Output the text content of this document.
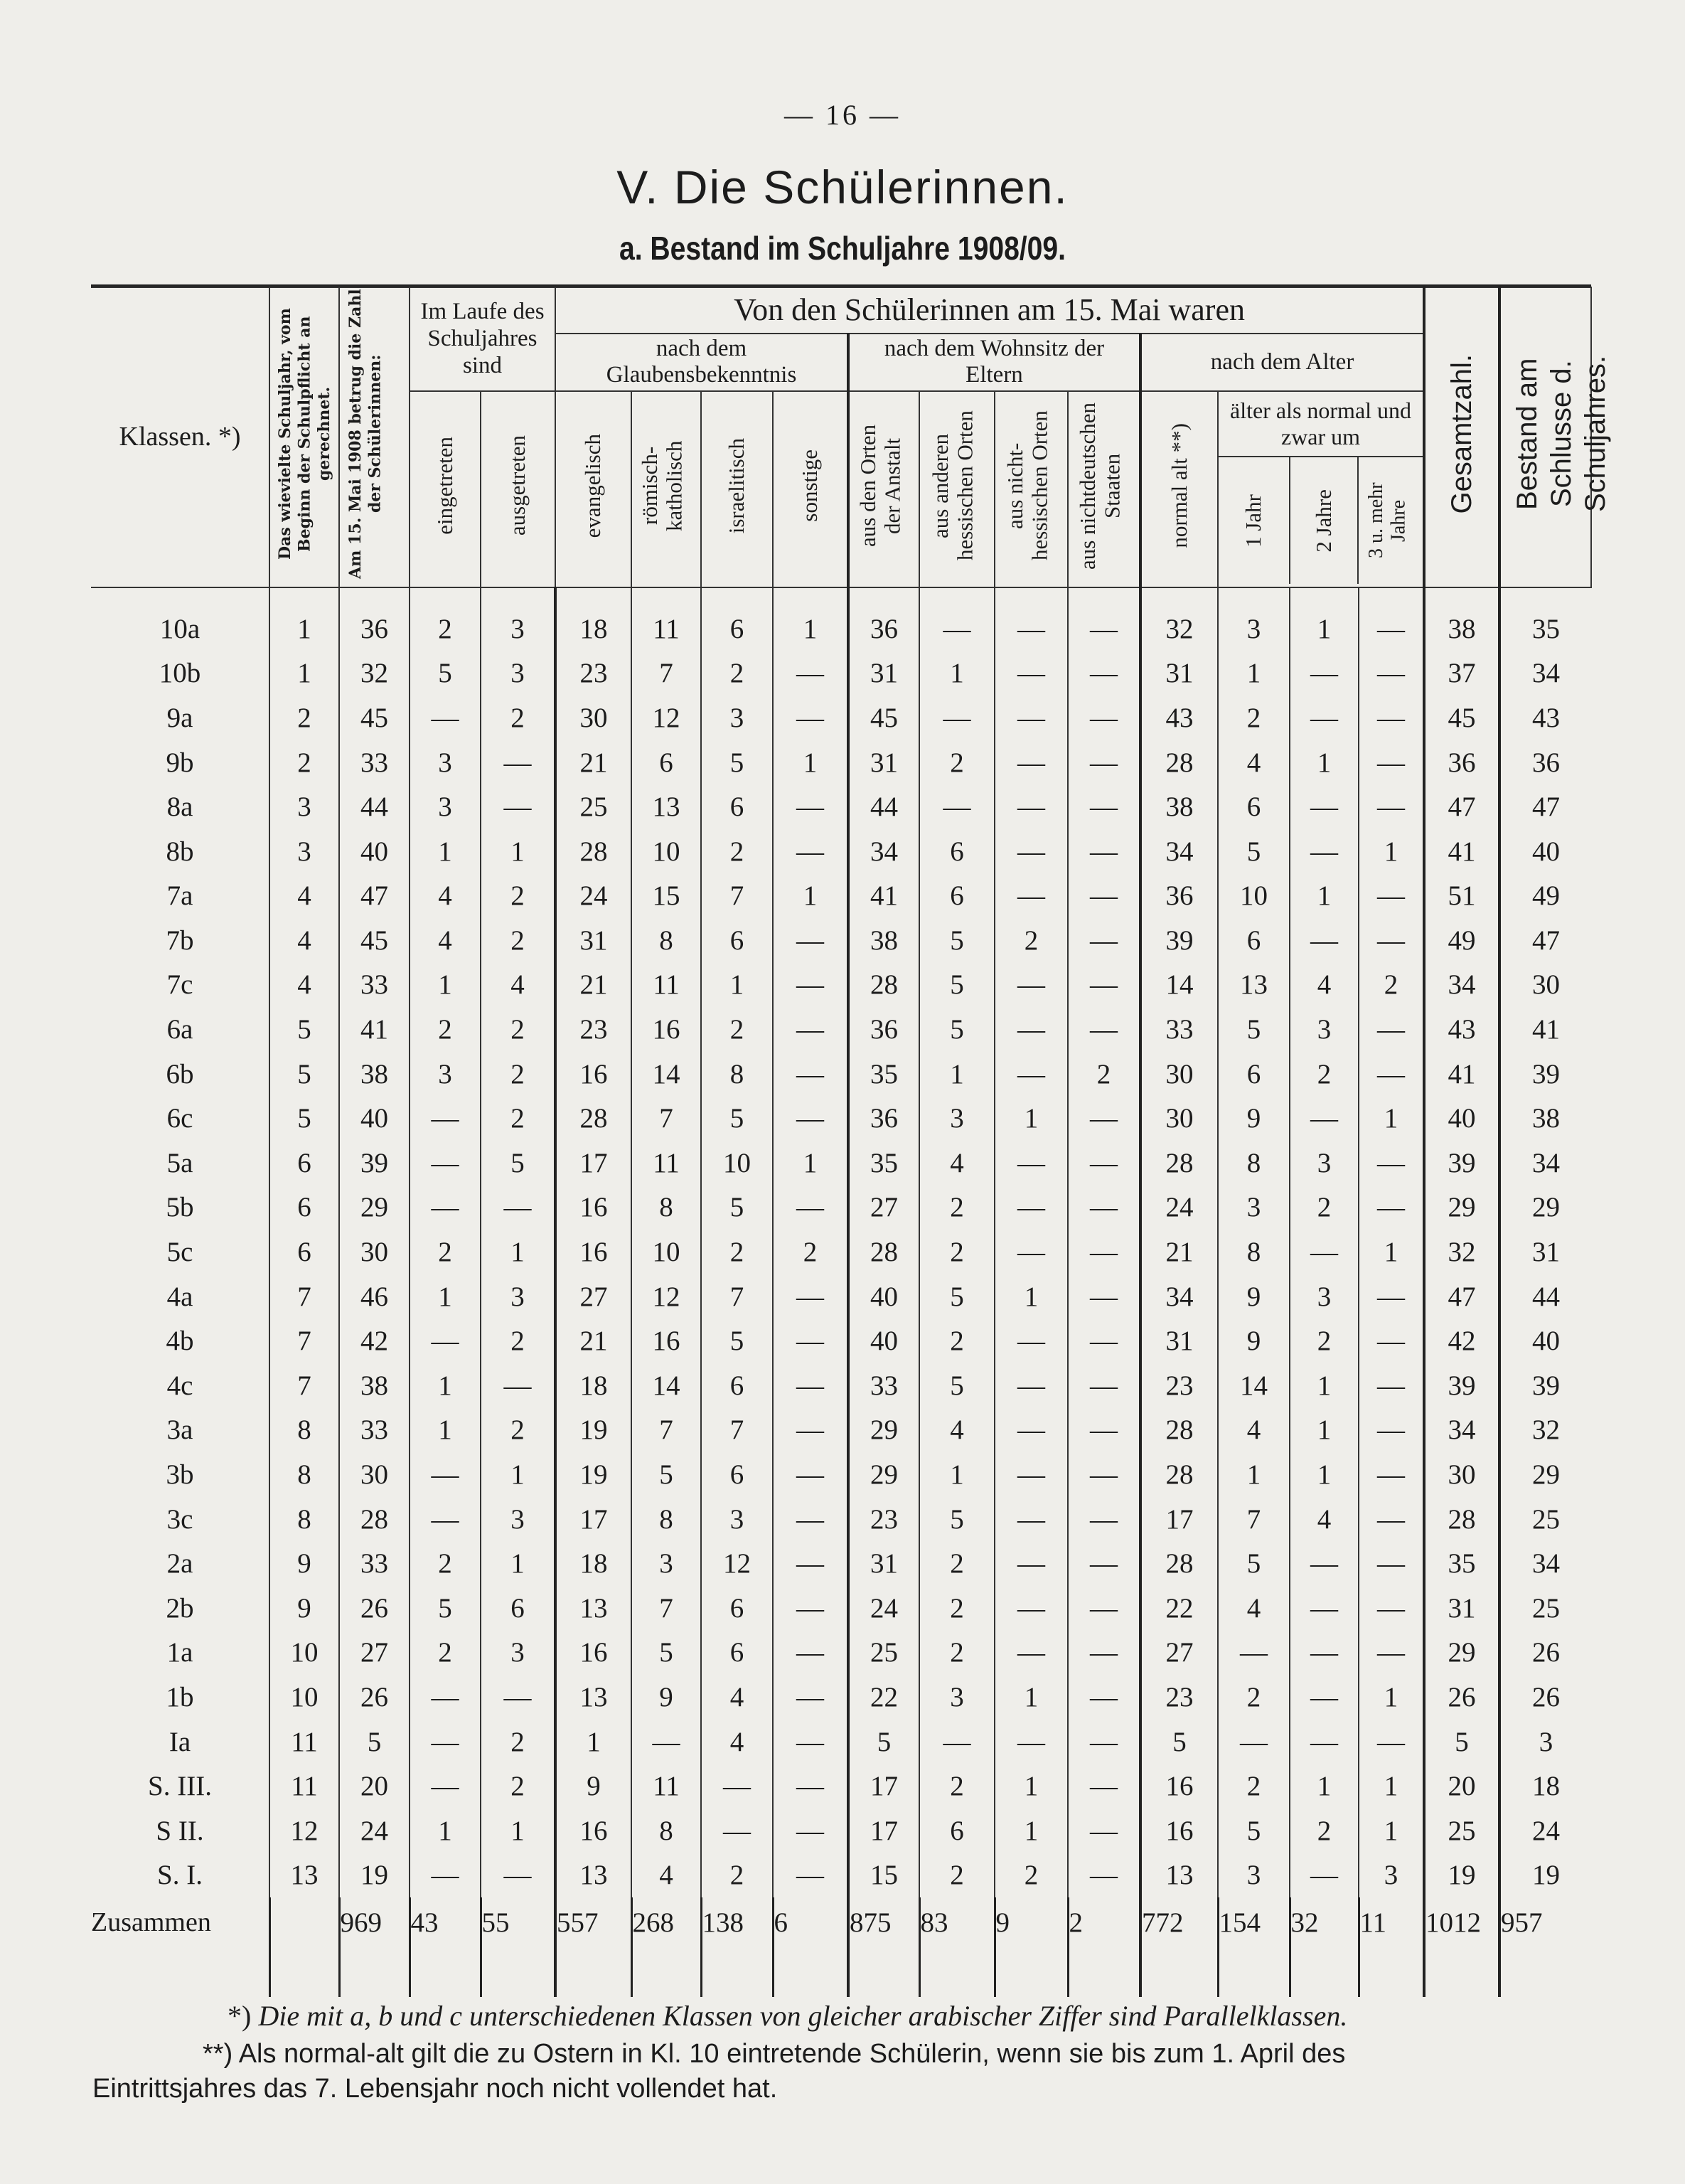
— 16 —
V. Die Schülerinnen.
a. Bestand im Schuljahre 1908/09.
Klassen. *)	Das wievielte Schuljahr, vom Beginn der Schulpflicht an gerechnet.	Am 15. Mai 1908 betrug die Zahl der Schülerinnen:	Im Laufe des Schuljahres sind		Von den Schülerinnen am 15. Mai waren												Gesamtzahl.	Bestand am Schlusse d. Schuljahres.
					nach dem Glaubensbekenntnis				nach dem Wohnsitz der Eltern				nach dem Alter					
			eingetreten	ausgetreten	evangelisch	römisch-katholisch	israelitisch	sonstige	aus den Orten der Anstalt	aus anderen hessischen Orten	aus nicht-hessischen Orten	aus nichtdeutschen Staaten	normal alt **)	älter als normal und zwar um
1 Jahr 2 Jahre 3 u. mehr Jahre				

10a	1	36	2	3	18	11	6	1	36	—	—	—	32	3	1	—	38	35
10b	1	32	5	3	23	7	2	—	31	1	—	—	31	1	—	—	37	34
9a	2	45	—	2	30	12	3	—	45	—	—	—	43	2	—	—	45	43
9b	2	33	3	—	21	6	5	1	31	2	—	—	28	4	1	—	36	36
8a	3	44	3	—	25	13	6	—	44	—	—	—	38	6	—	—	47	47
8b	3	40	1	1	28	10	2	—	34	6	—	—	34	5	—	1	41	40
7a	4	47	4	2	24	15	7	1	41	6	—	—	36	10	1	—	51	49
7b	4	45	4	2	31	8	6	—	38	5	2	—	39	6	—	—	49	47
7c	4	33	1	4	21	11	1	—	28	5	—	—	14	13	4	2	34	30
6a	5	41	2	2	23	16	2	—	36	5	—	—	33	5	3	—	43	41
6b	5	38	3	2	16	14	8	—	35	1	—	2	30	6	2	—	41	39
6c	5	40	—	2	28	7	5	—	36	3	1	—	30	9	—	1	40	38
5a	6	39	—	5	17	11	10	1	35	4	—	—	28	8	3	—	39	34
5b	6	29	—	—	16	8	5	—	27	2	—	—	24	3	2	—	29	29
5c	6	30	2	1	16	10	2	2	28	2	—	—	21	8	—	1	32	31
4a	7	46	1	3	27	12	7	—	40	5	1	—	34	9	3	—	47	44
4b	7	42	—	2	21	16	5	—	40	2	—	—	31	9	2	—	42	40
4c	7	38	1	—	18	14	6	—	33	5	—	—	23	14	1	—	39	39
3a	8	33	1	2	19	7	7	—	29	4	—	—	28	4	1	—	34	32
3b	8	30	—	1	19	5	6	—	29	1	—	—	28	1	1	—	30	29
3c	8	28	—	3	17	8	3	—	23	5	—	—	17	7	4	—	28	25
2a	9	33	2	1	18	3	12	—	31	2	—	—	28	5	—	—	35	34
2b	9	26	5	6	13	7	6	—	24	2	—	—	22	4	—	—	31	25
1a	10	27	2	3	16	5	6	—	25	2	—	—	27	—	—	—	29	26
1b	10	26	—	—	13	9	4	—	22	3	1	—	23	2	—	1	26	26
Ia	11	5	—	2	1	—	4	—	5	—	—	—	5	—	—	—	5	3
S. III.	11	20	—	2	9	11	—	—	17	2	1	—	16	2	1	1	20	18
S II.	12	24	1	1	16	8	—	—	17	6	1	—	16	5	2	1	25	24
S. I.	13	19	—	—	13	4	2	—	15	2	2	—	13	3	—	3	19	19
Zusammen		969	43	55	557	268	138	6	875	83	9	2	772	154	32	11	1012	957

*) Die mit a, b und c unterschiedenen Klassen von gleicher arabischer Ziffer sind Parallelklassen.
**) Als normal-alt gilt die zu Ostern in Kl. 10 eintretende Schülerin, wenn sie bis zum 1. April des
Eintrittsjahres das 7. Lebensjahr noch nicht vollendet hat.
